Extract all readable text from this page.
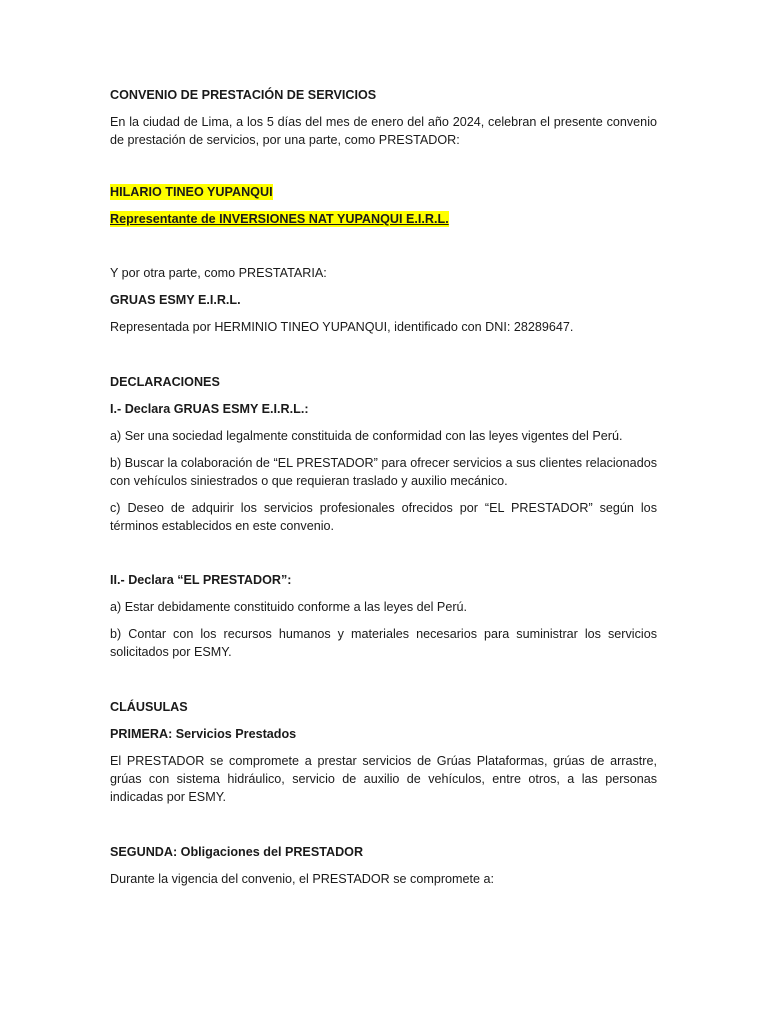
CONVENIO DE PRESTACIÓN DE SERVICIOS

En la ciudad de Lima, a los 5 días del mes de enero del año 2024, celebran el presente convenio de prestación de servicios, por una parte, como PRESTADOR:

HILARIO TINEO YUPANQUI

Representante de INVERSIONES NAT YUPANQUI E.I.R.L.

Y por otra parte, como PRESTATARIA:

GRUAS ESMY E.I.R.L.

Representada por HERMINIO TINEO YUPANQUI, identificado con DNI: 28289647.

DECLARACIONES

I.- Declara GRUAS ESMY E.I.R.L.:

a) Ser una sociedad legalmente constituida de conformidad con las leyes vigentes del Perú.

b) Buscar la colaboración de “EL PRESTADOR” para ofrecer servicios a sus clientes relacionados con vehículos siniestrados o que requieran traslado y auxilio mecánico.

c) Deseo de adquirir los servicios profesionales ofrecidos por “EL PRESTADOR” según los términos establecidos en este convenio.

II.- Declara “EL PRESTADOR”:

a) Estar debidamente constituido conforme a las leyes del Perú.

b) Contar con los recursos humanos y materiales necesarios para suministrar los servicios solicitados por ESMY.

CLÁUSULAS

PRIMERA: Servicios Prestados

El PRESTADOR se compromete a prestar servicios de Grúas Plataformas, grúas de arrastre, grúas con sistema hidráulico, servicio de auxilio de vehículos, entre otros, a las personas indicadas por ESMY.

SEGUNDA: Obligaciones del PRESTADOR

Durante la vigencia del convenio, el PRESTADOR se compromete a:
